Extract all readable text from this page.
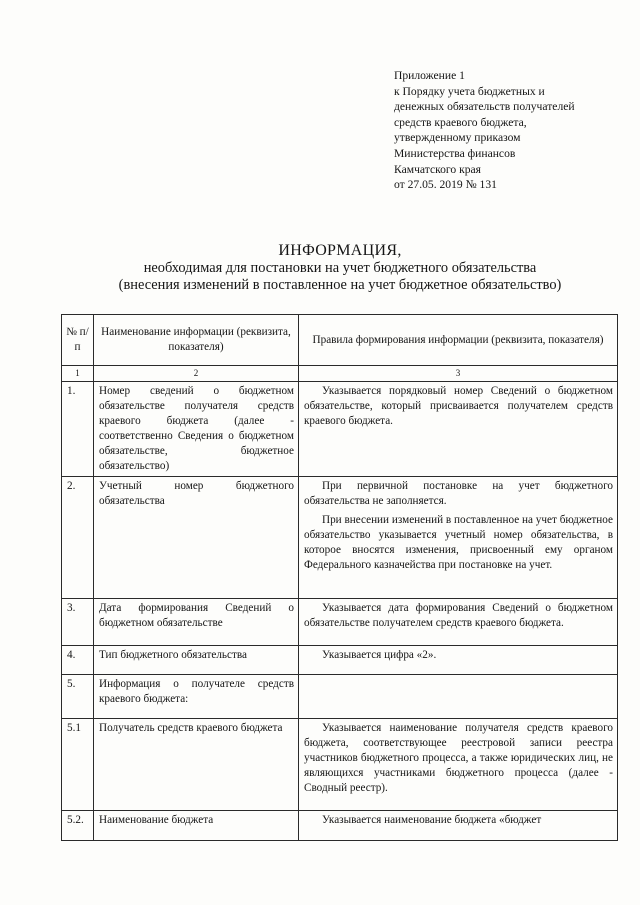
Приложение 1
к Порядку учета бюджетных и
денежных обязательств получателей
средств краевого бюджета,
утвержденному приказом
Министерства финансов
Камчатского края
от 27.05. 2019 № 131
ИНФОРМАЦИЯ,
необходимая для постановки на учет бюджетного обязательства
(внесения изменений в поставленное на учет бюджетное обязательство)
№ п/п	Наименование информации (реквизита, показателя)	Правила формирования информации (реквизита, показателя)
1	2	3
1.	Номер сведений о бюджетном обязательстве получателя средств краевого бюджета (далее - соответственно Сведения о бюджетном обязательстве, бюджетное обязательство)	Указывается порядковый номер Сведений о бюджетном обязательстве, который присваивается получателем средств краевого бюджета.

2.	Учетный номер бюджетного обязательства	При первичной постановке на учет бюджетного обязательства не заполняется.

При внесении изменений в поставленное на учет бюджетное обязательство указывается учетный номер обязательства, в которое вносятся изменения, присвоенный ему органом Федерального казначейства при постановке на учет.

3.	Дата формирования Сведений о бюджетном обязательстве	Указывается дата формирования Сведений о бюджетном обязательстве получателем средств краевого бюджета.

4.	Тип бюджетного обязательства	Указывается цифра «2».

5.	Информация о получателе средств краевого бюджета:	

5.1	Получатель средств краевого бюджета	Указывается наименование получателя средств краевого бюджета, соответствующее реестровой записи реестра участников бюджетного процесса, а также юридических лиц, не являющихся участниками бюджетного процесса (далее - Сводный реестр).

5.2.	Наименование бюджета	Указывается наименование бюджета «бюджет
